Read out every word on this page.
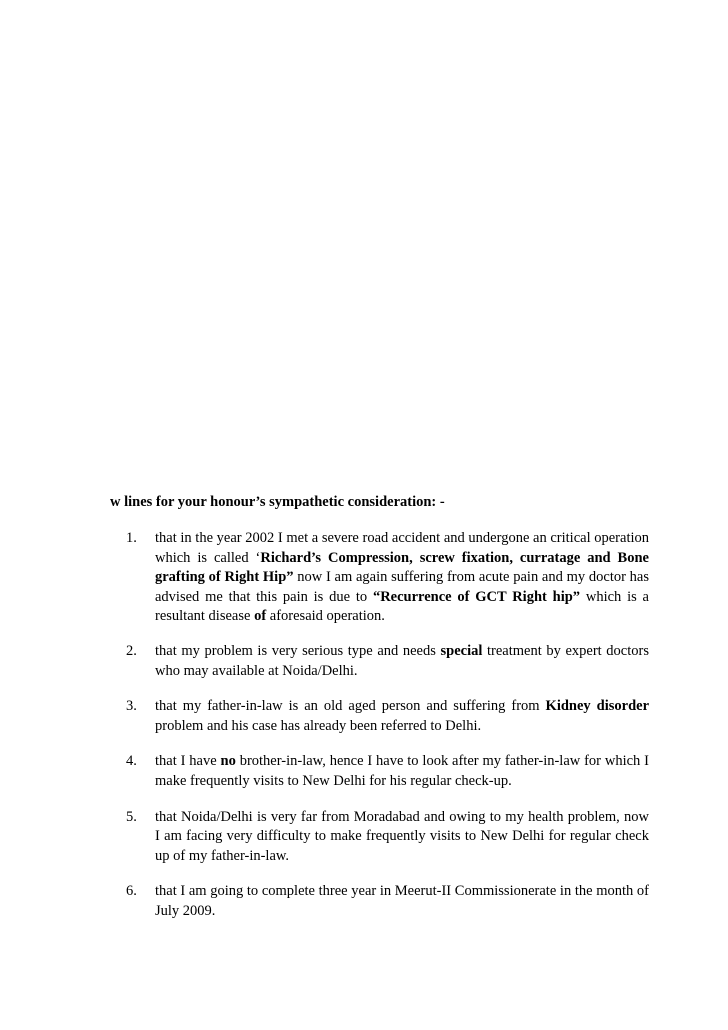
w lines for your honour’s sympathetic consideration: -

1. that in the year 2002 I met a severe road accident and undergone an critical operation which is called ‘Richard’s Compression, screw fixation, curratage and Bone grafting of Right Hip” now I am again suffering from acute pain and my doctor has advised me that this pain is due to “Recurrence of GCT Right hip” which is a resultant disease of aforesaid operation.
2. that my problem is very serious type and needs special treatment by expert doctors who may available at Noida/Delhi.
3. that my father-in-law is an old aged person and suffering from Kidney disorder problem and his case has already been referred to Delhi.
4. that I have no brother-in-law, hence I have to look after my father-in-law for which I make frequently visits to New Delhi for his regular check-up.
5. that Noida/Delhi is very far from Moradabad and owing to my health problem, now I am facing very difficulty to make frequently visits to New Delhi for regular check up of my father-in-law.
6. that I am going to complete three year in Meerut-II Commissionerate in the month of July 2009.
